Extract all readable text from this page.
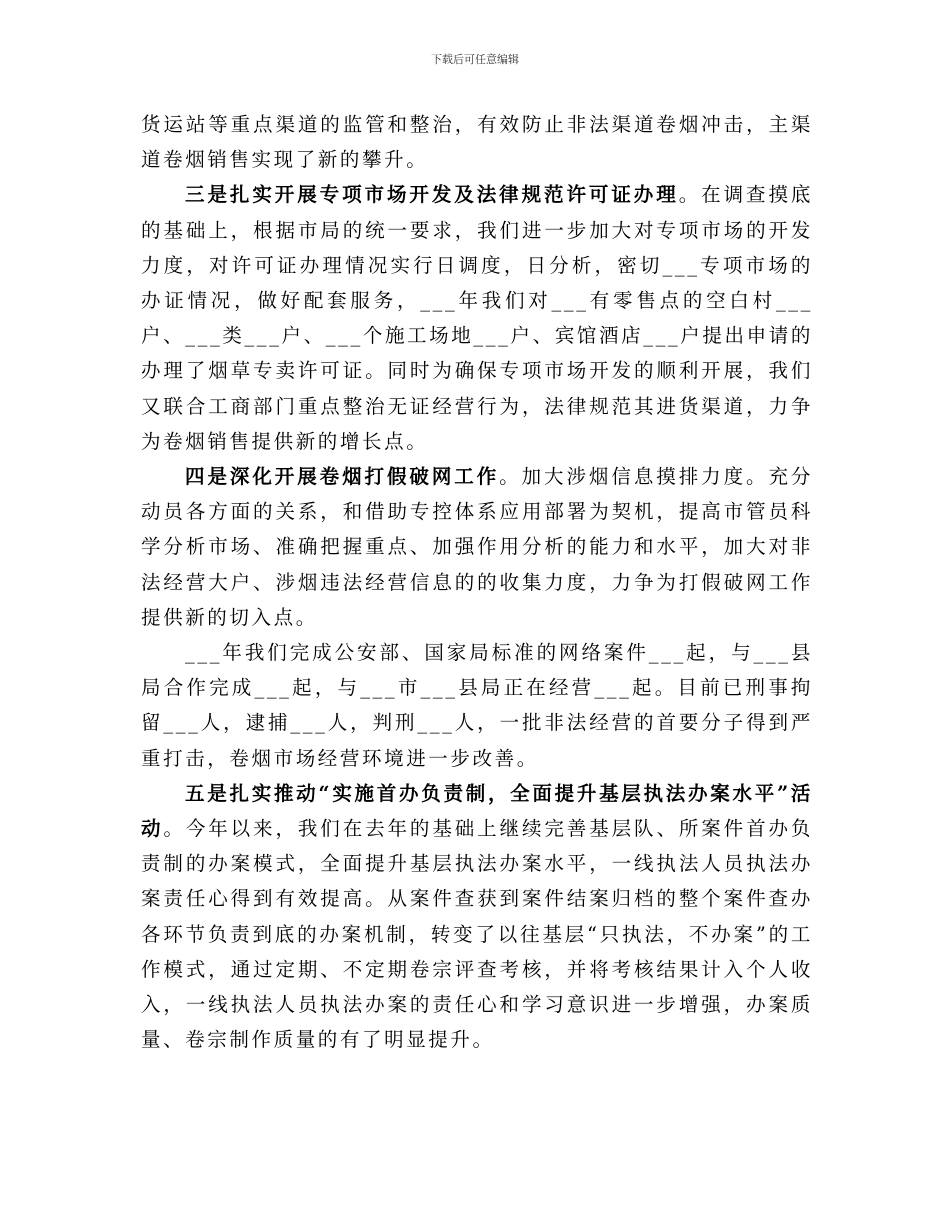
下载后可任意编辑

货运站等重点渠道的监管和整治，有效防止非法渠道卷烟冲击，主渠道卷烟销售实现了新的攀升。

三是扎实开展专项市场开发及法律规范许可证办理。在调查摸底的基础上，根据市局的统一要求，我们进一步加大对专项市场的开发力度，对许可证办理情况实行日调度，日分析，密切___专项市场的办证情况，做好配套服务，___年我们对___有零售点的空白村___户、___类___户、___个施工场地___户、宾馆酒店___户提出申请的办理了烟草专卖许可证。同时为确保专项市场开发的顺利开展，我们又联合工商部门重点整治无证经营行为，法律规范其进货渠道，力争为卷烟销售提供新的增长点。

四是深化开展卷烟打假破网工作。加大涉烟信息摸排力度。充分动员各方面的关系，和借助专控体系应用部署为契机，提高市管员科学分析市场、准确把握重点、加强作用分析的能力和水平，加大对非法经营大户、涉烟违法经营信息的的收集力度，力争为打假破网工作提供新的切入点。

___年我们完成公安部、国家局标准的网络案件___起，与___县局合作完成___起，与___市___县局正在经营___起。目前已刑事拘留___人，逮捕___人，判刑___人，一批非法经营的首要分子得到严重打击，卷烟市场经营环境进一步改善。

五是扎实推动“实施首办负责制，全面提升基层执法办案水平”活动。今年以来，我们在去年的基础上继续完善基层队、所案件首办负责制的办案模式，全面提升基层执法办案水平，一线执法人员执法办案责任心得到有效提高。从案件查获到案件结案归档的整个案件查办各环节负责到底的办案机制，转变了以往基层“只执法，不办案”的工作模式，通过定期、不定期卷宗评查考核，并将考核结果计入个人收入，一线执法人员执法办案的责任心和学习意识进一步增强，办案质量、卷宗制作质量的有了明显提升。
